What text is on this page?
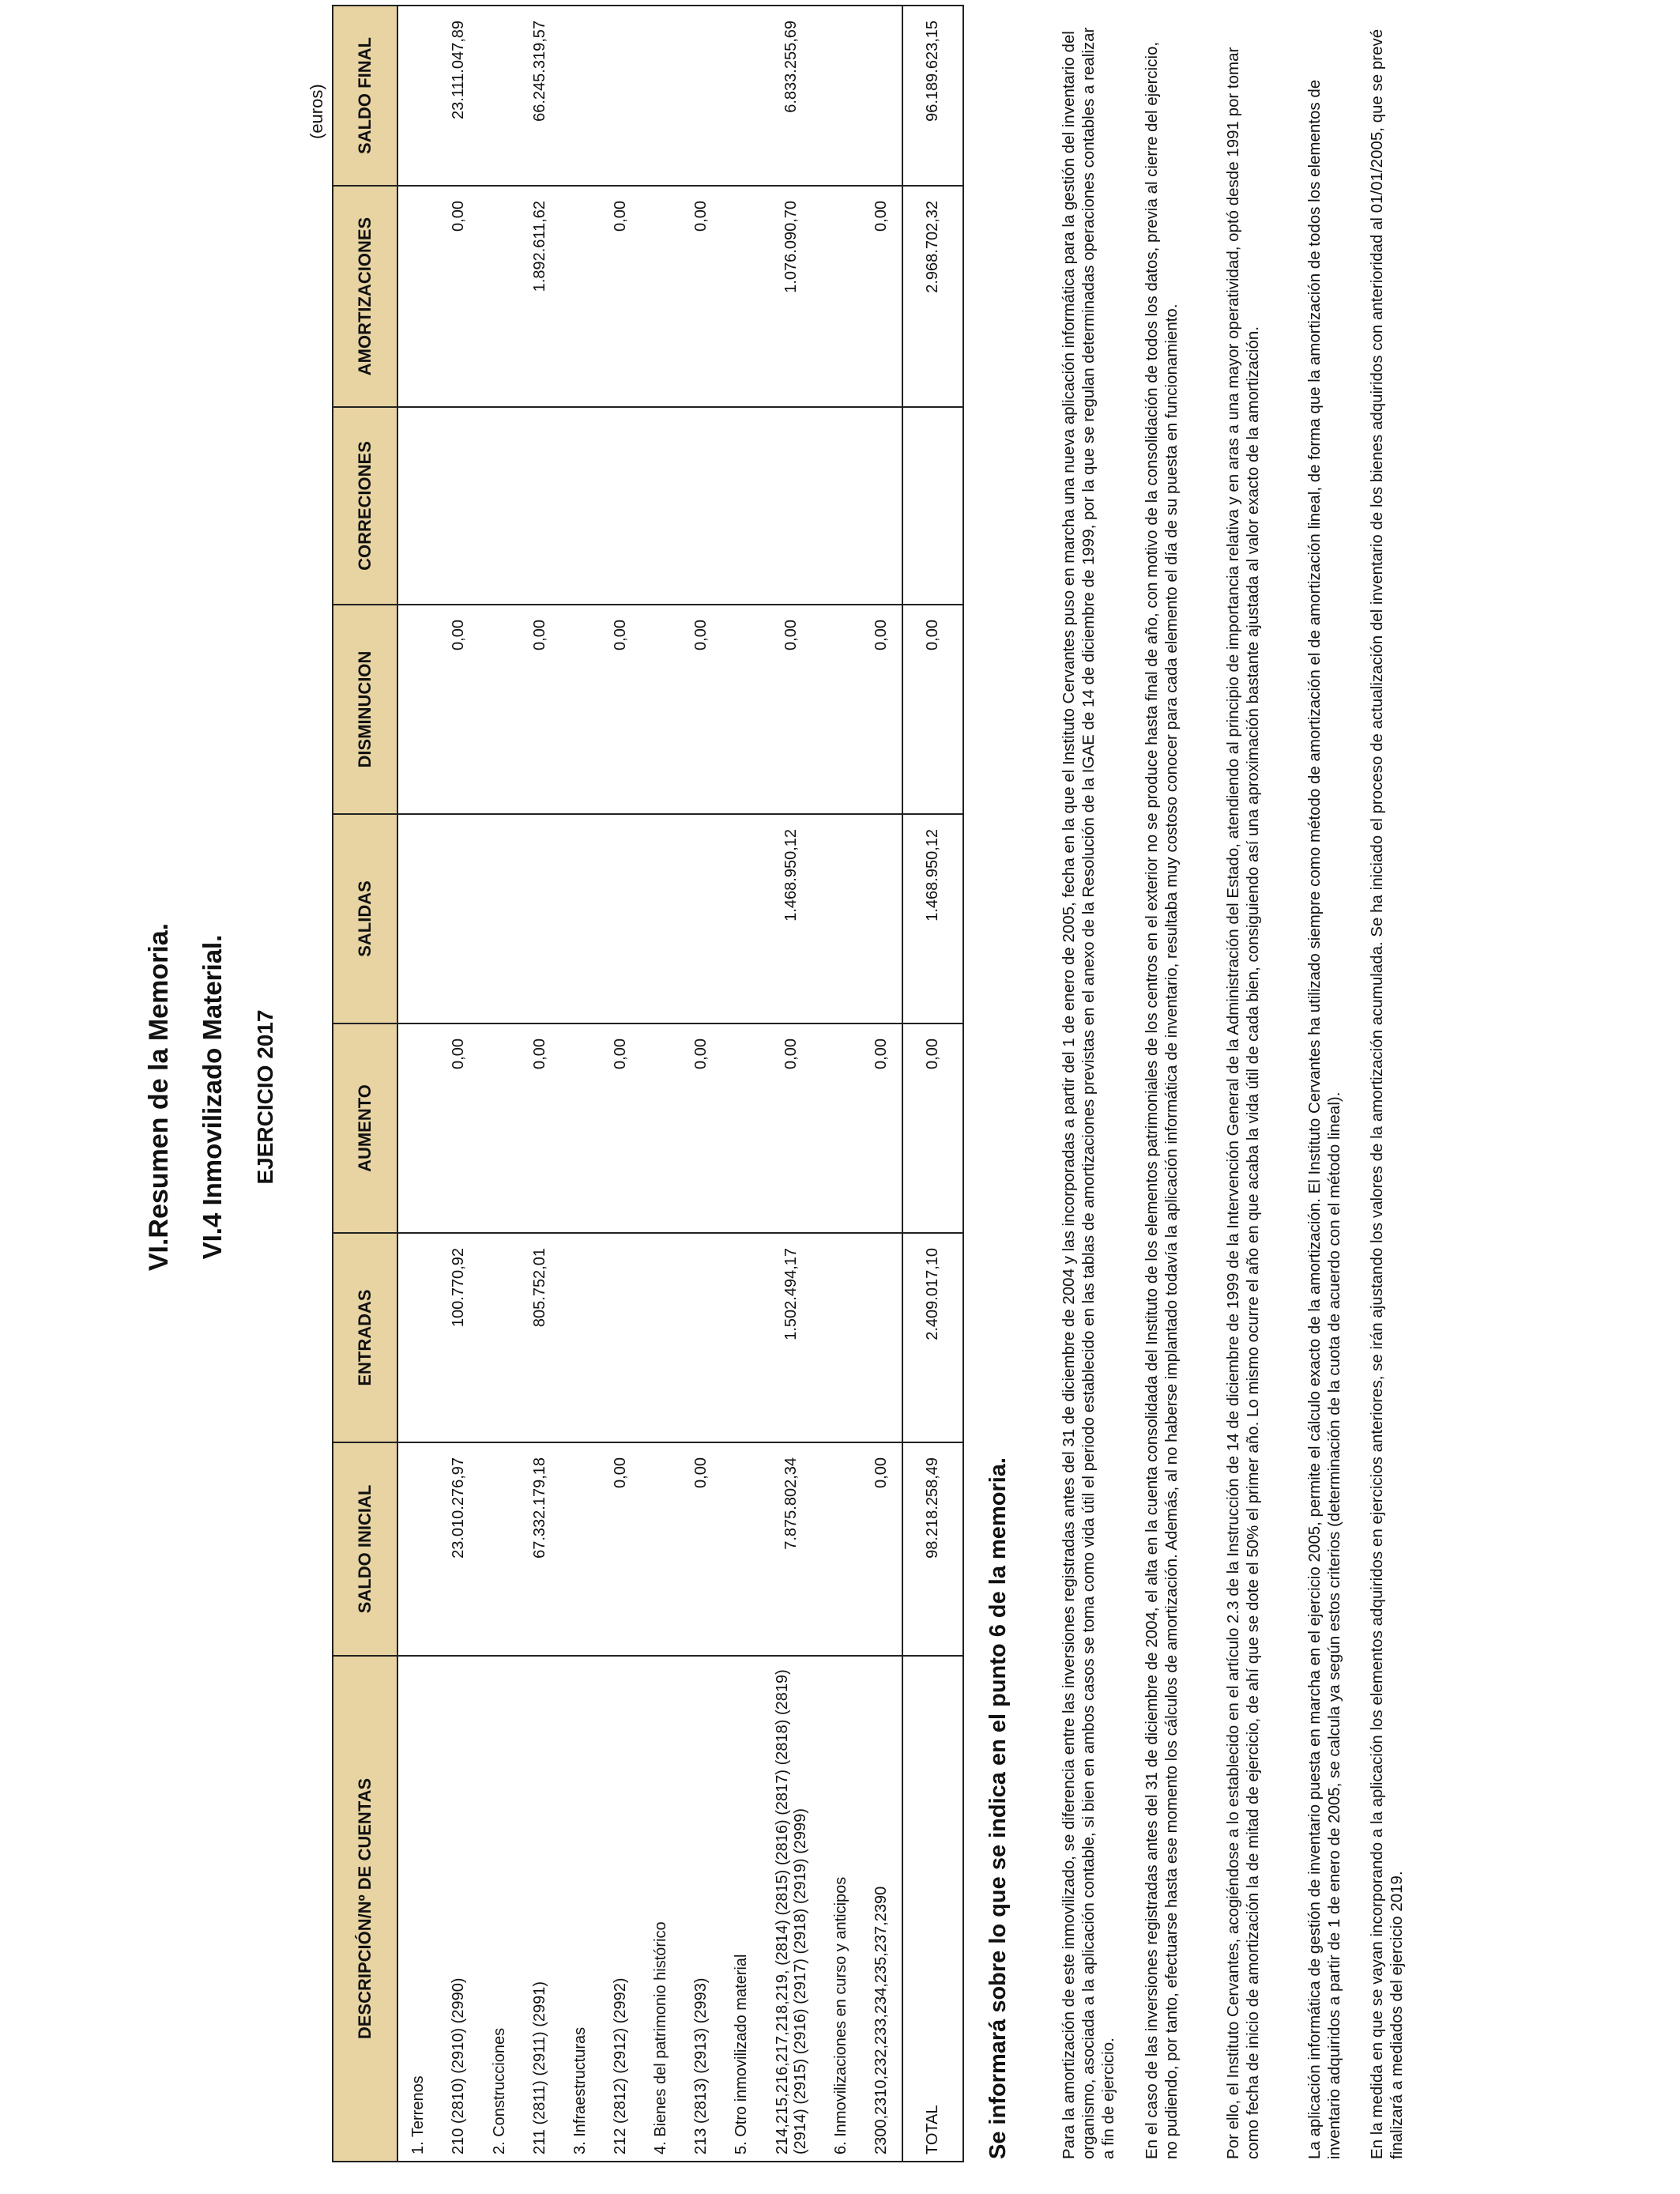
VI.Resumen de la Memoria. VI.4 Inmovilizado Material. EJERCICIO 2017
(euros)
DESCRIPCIÓN/Nº DE CUENTAS	SALDO INICIAL	ENTRADAS	AUMENTO	SALIDAS	DISMINUCION	CORRECIONES	AMORTIZACIONES	SALDO FINAL
1. Terrenos								
210 (2810) (2910) (2990)	23.010.276,97	100.770,92	0,00		0,00		0,00	23.111.047,89
2. Construcciones								
211 (2811) (2911) (2991)	67.332.179,18	805.752,01	0,00		0,00		1.892.611,62	66.245.319,57
3. Infraestructuras								
212 (2812) (2912) (2992)	0,00		0,00		0,00		0,00	
4. Bienes del patrimonio histórico								
213 (2813) (2913) (2993)	0,00		0,00		0,00		0,00	
5. Otro inmovilizado material								
214,215,216,217,218,219, (2814) (2815) (2816) (2817) (2818) (2819) (2914) (2915) (2916) (2917) (2918) (2919) (2999)	7.875.802,34	1.502.494,17	0,00	1.468.950,12	0,00		1.076.090,70	6.833.255,69
6. Inmovilizaciones en curso y anticipos								
2300,2310,232,233,234,235,237,2390	0,00		0,00		0,00		0,00	
TOTAL	98.218.258,49	2.409.017,10	0,00	1.468.950,12	0,00		2.968.702,32	96.189.623,15
Se informará sobre lo que se indica en el punto 6 de la memoria.	Para la amortización de este inmovilizado, se diferencia entre las inversiones registradas antes del 31 de diciembre de 2004 y las incorporadas a partir del 1 de enero de 2005, fecha en la que el Instituto Cervantes puso en marcha una nueva aplicación informática para la gestión del inventario del organismo, asociada a la aplicación contable, si bien en ambos casos se toma como vida útil el periodo establecido en las tablas de amortizaciones previstas en el anexo de la Resolución de la IGAE de 14 de diciembre de 1999, por la que se regulan determinadas operaciones contables a realizar a fin de ejercicio. En el caso de las inversiones registradas antes del 31 de diciembre de 2004, el alta en la cuenta consolidada del Instituto de los elementos patrimoniales de los centros en el exterior no se produce hasta final de año, con motivo de la consolidación de todos los datos, previa al cierre del ejercicio, no pudiendo, por tanto, efectuarse hasta ese momento los cálculos de amortización. Además, al no haberse implantado todavía la aplicación informática de inventario, resultaba muy costoso conocer para cada elemento el día de su puesta en funcionamiento.	Por ello, el Instituto Cervantes, acogiéndose a lo establecido en el artículo 2.3 de la Instrucción de 14 de diciembre de 1999 de la Intervención General de la Administración del Estado, atendiendo al principio de importancia relativa y en aras a una mayor operatividad, optó desde 1991 por tomar como fecha de inicio de amortización la de mitad de ejercicio, de ahí que se dote el 50% el primer año. Lo mismo ocurre el año en que acaba la vida útil de cada bien, consiguiendo así una aproximación bastante ajustada al valor exacto de la amortización.	La aplicación informática de gestión de inventario puesta en marcha en el ejercicio 2005, permite el cálculo exacto de la amortización. El Instituto Cervantes ha utilizado siempre como método de amortización el de amortización lineal, de forma que la amortización de todos los elementos de inventario adquiridos a partir de 1 de enero de 2005, se calcula ya según estos criterios (determinación de la cuota de acuerdo con el método lineal). En la medida en que se vayan incorporando a la aplicación los elementos adquiridos en ejercicios anteriores, se irán ajustando los valores de la amortización acumulada. Se ha iniciado el proceso de actualización del inventario de los bienes adquiridos con anterioridad al 01/01/2005, que se prevé finalizará a mediados del ejercicio 2019.
